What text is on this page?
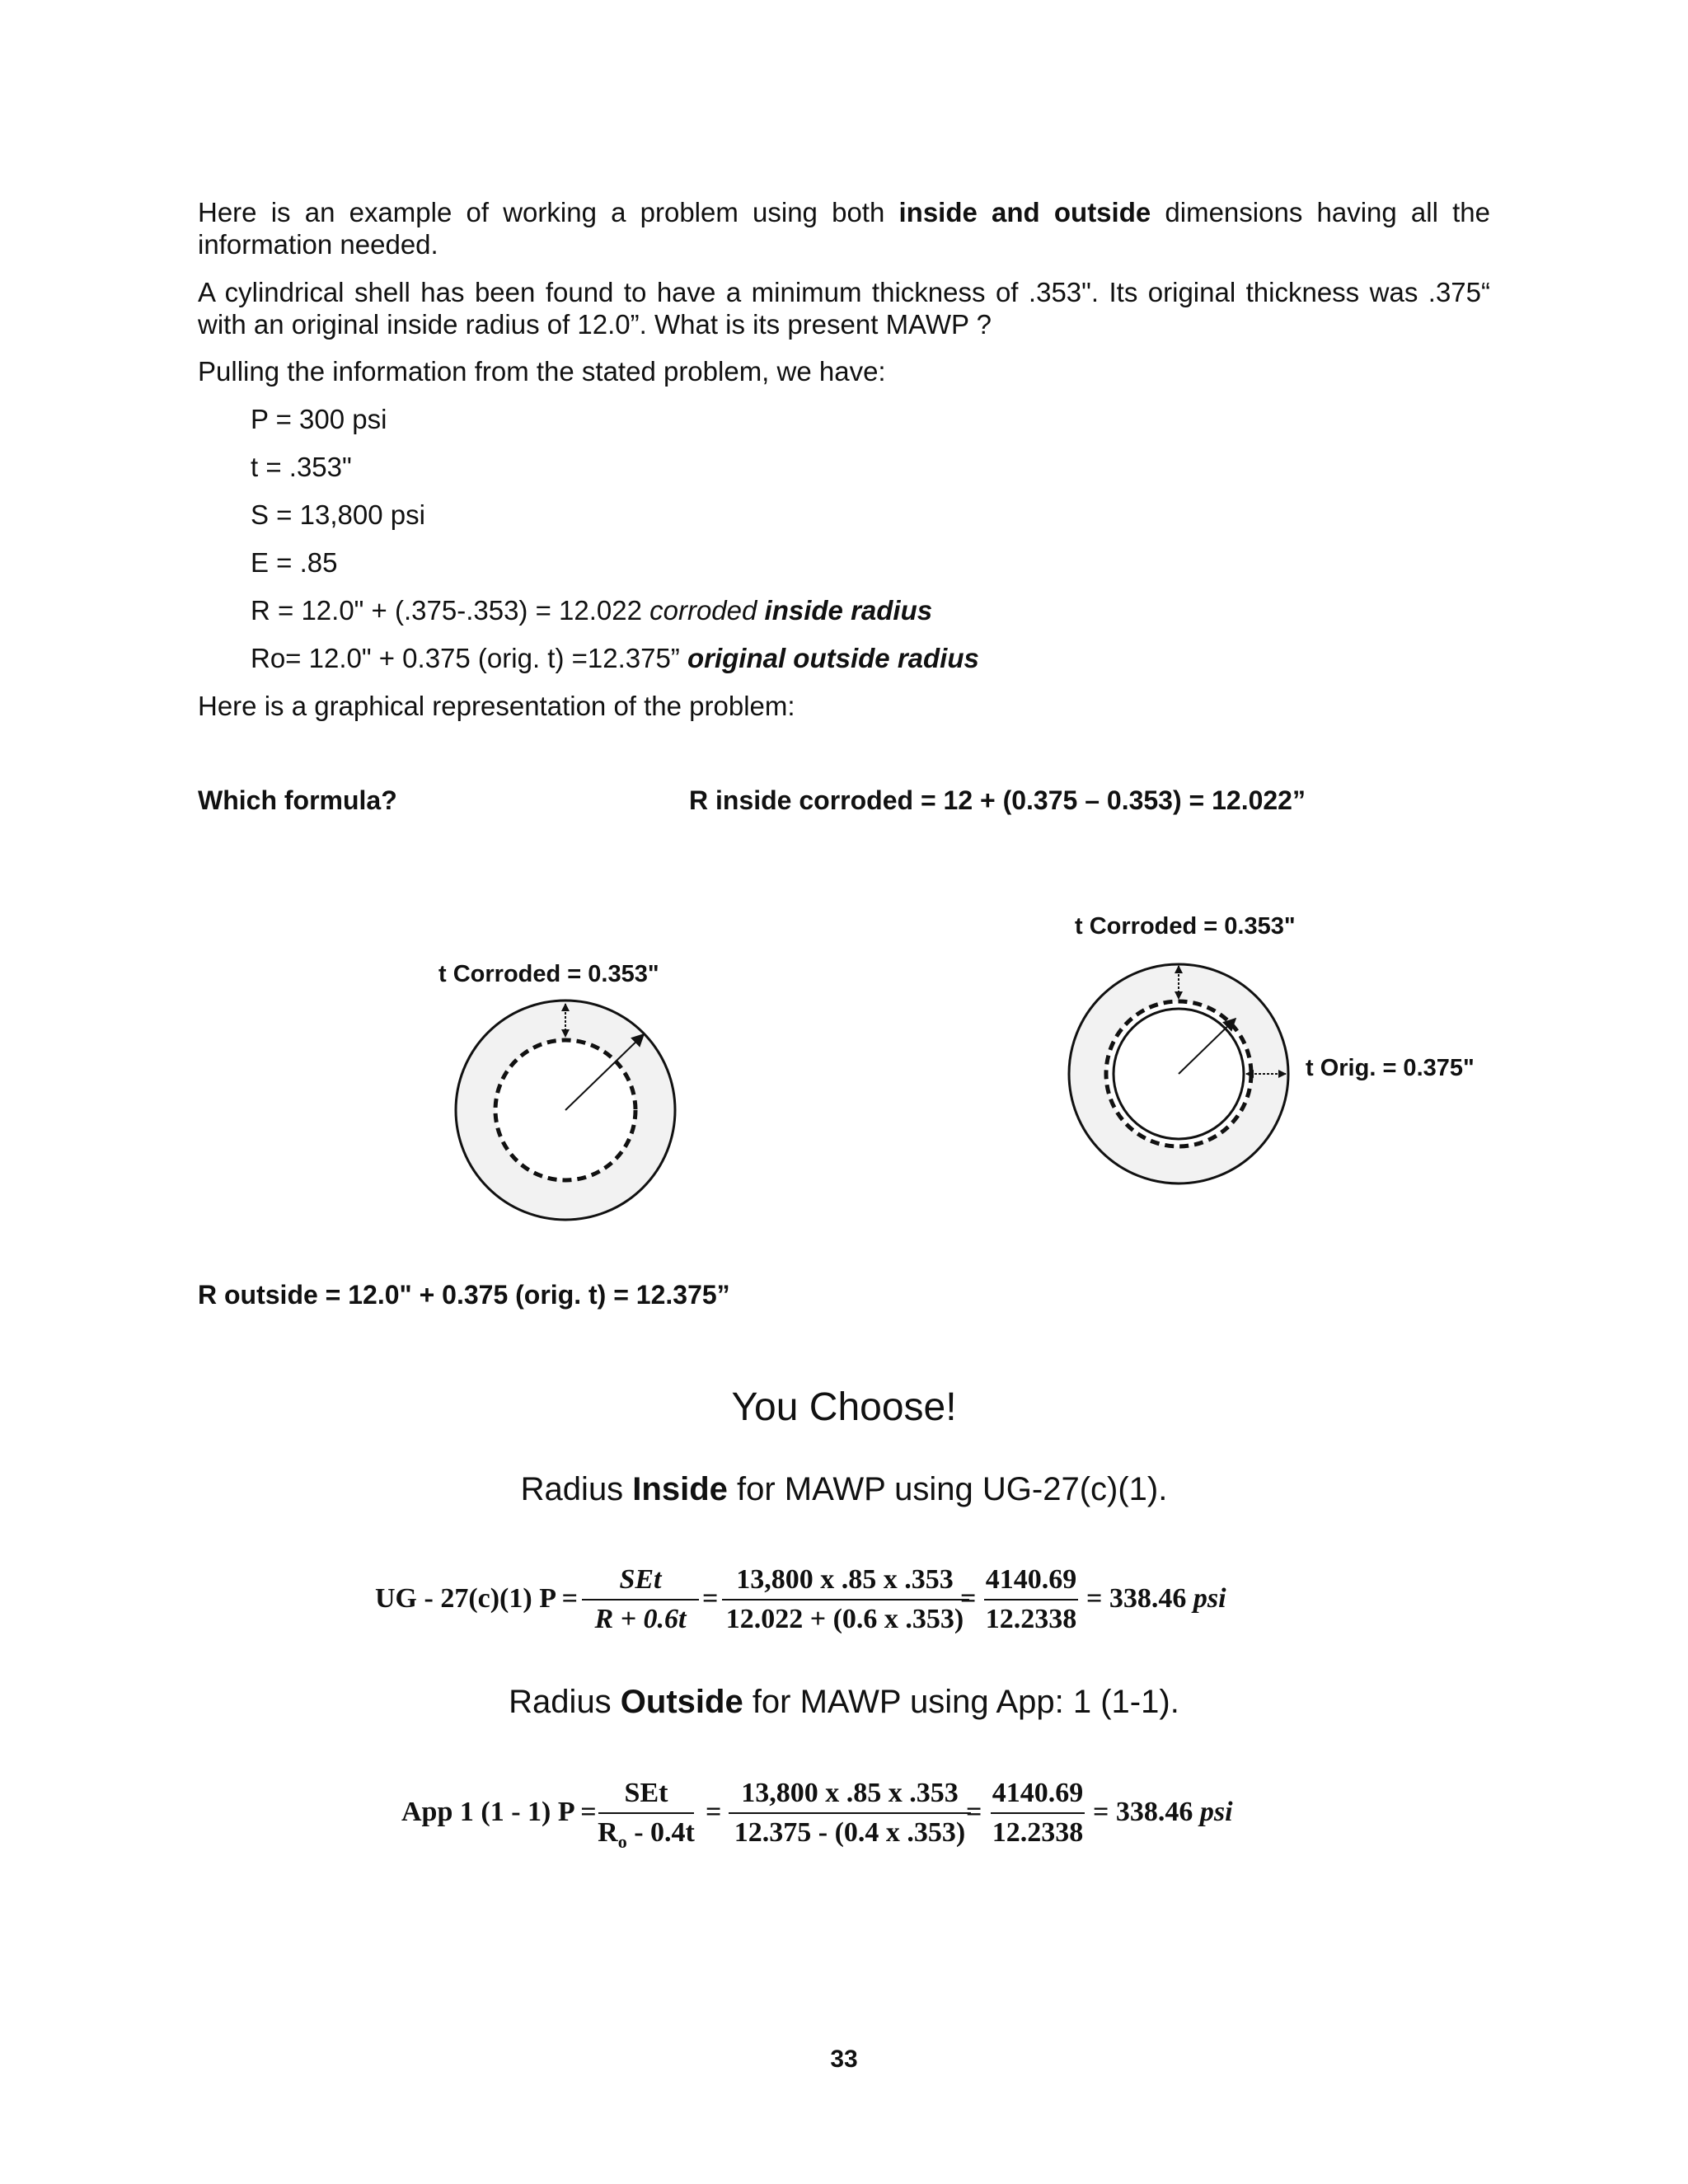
Here is an example of working a problem using both inside and outside dimensions having all the information needed.
A cylindrical shell has been found to have a minimum thickness of .353". Its original thickness was .375“ with an original inside radius of 12.0”. What is its present MAWP ?
Pulling the information from the stated problem, we have:
P = 300 psi
t = .353"
S = 13,800 psi
E = .85
R = 12.0" + (.375-.353) = 12.022 corroded inside radius
Ro= 12.0" + 0.375 (orig. t) =12.375” original outside radius
Here is a graphical representation of the problem:
Which formula?	R inside corroded = 12 + (0.375 – 0.353) = 12.022”
t Corroded = 0.353"
t Corroded = 0.353"
t Orig. = 0.375"
R outside = 12.0" + 0.375 (orig. t) = 12.375”
You Choose!
Radius Inside for MAWP using UG-27(c)(1).
UG - 27(c)(1) P =
SEt
R + 0.6t
=
13,800 x .85 x .353
12.022 + (0.6 x .353)
=
4140.69
12.2338
= 338.46 psi
Radius Outside for MAWP using App: 1 (1-1).
App 1 (1 - 1) P =
SEt
$R_o - 0.4t$
=
13,800 x .85 x .353
12.375 - (0.4 x .353)
=
4140.69
12.2338
= 338.46 psi
33
